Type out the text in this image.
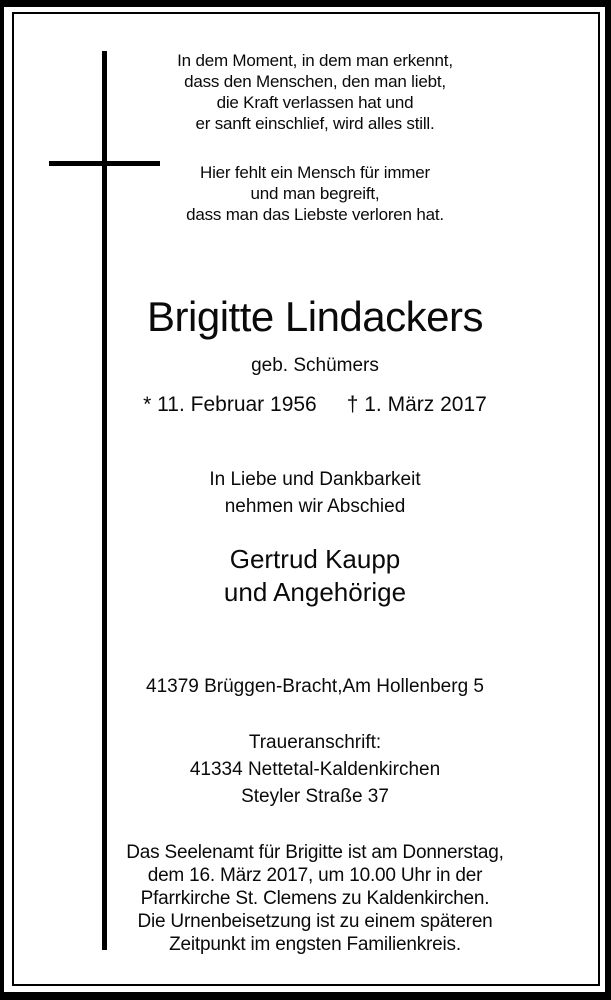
In dem Moment, in dem man erkennt,
dass den Menschen, den man liebt,
die Kraft verlassen hat und
er sanft einschlief, wird alles still.
Hier fehlt ein Mensch für immer
und man begreift,
dass man das Liebste verloren hat.
Brigitte Lindackers
geb. Schümers
* 11. Februar 1956 † 1. März 2017
In Liebe und Dankbarkeit
nehmen wir Abschied
Gertrud Kaupp
und Angehörige
41379 Brüggen-Bracht,Am Hollenberg 5
Traueranschrift:
41334 Nettetal-Kaldenkirchen
Steyler Straße 37
Das Seelenamt für Brigitte ist am Donnerstag,
dem 16. März 2017, um 10.00 Uhr in der
Pfarrkirche St. Clemens zu Kaldenkirchen.
Die Urnenbeisetzung ist zu einem späteren
Zeitpunkt im engsten Familienkreis.
